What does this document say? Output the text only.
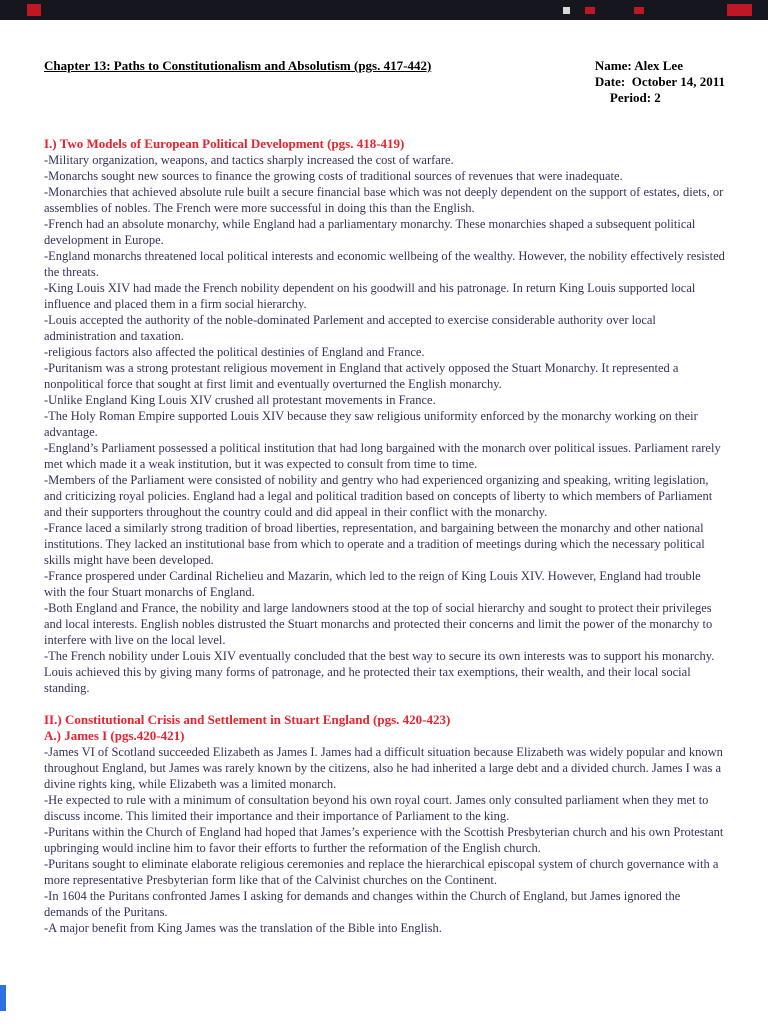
Chapter 13: Paths to Constitutionalism and Absolutism (pgs. 417-442)	Name: Alex Lee
Date:  October 14, 2011
Period: 2

I.) Two Models of European Political Development (pgs. 418-419)

-Military organization, weapons, and tactics sharply increased the cost of warfare.

-Monarchs sought new sources to finance the growing costs of traditional sources of revenues that were inadequate.

-Monarchies that achieved absolute rule built a secure financial base which was not deeply dependent on the support of estates, diets, or assemblies of nobles. The French were more successful in doing this than the English.

-French had an absolute monarchy, while England had a parliamentary monarchy. These monarchies shaped a subsequent political development in Europe.

-England monarchs threatened local political interests and economic wellbeing of the wealthy. However, the nobility effectively resisted the threats.

-King Louis XIV had made the French nobility dependent on his goodwill and his patronage. In return King Louis supported local influence and placed them in a firm social hierarchy.

-Louis accepted the authority of the noble-dominated Parlement and accepted to exercise considerable authority over local administration and taxation.

-religious factors also affected the political destinies of England and France.

-Puritanism was a strong protestant religious movement in England that actively opposed the Stuart Monarchy. It represented a nonpolitical force that sought at first limit and eventually overturned the English monarchy.

-Unlike England King Louis XIV crushed all protestant movements in France.

-The Holy Roman Empire supported Louis XIV because they saw religious uniformity enforced by the monarchy working on their advantage.

-England’s Parliament possessed a political institution that had long bargained with the monarch over political issues. Parliament rarely met which made it a weak institution, but it was expected to consult from time to time.

-Members of the Parliament were consisted of nobility and gentry who had experienced organizing and speaking, writing legislation, and criticizing royal policies. England had a legal and political tradition based on concepts of liberty to which members of Parliament and their supporters throughout the country could and did appeal in their conflict with the monarchy.

-France laced a similarly strong tradition of broad liberties, representation, and bargaining between the monarchy and other national institutions. They lacked an institutional base from which to operate and a tradition of meetings during which the necessary political skills might have been developed.

-France prospered under Cardinal Richelieu and Mazarin, which led to the reign of King Louis XIV. However, England had trouble with the four Stuart monarchs of England.

-Both England and France, the nobility and large landowners stood at the top of social hierarchy and sought to protect their privileges and local interests. English nobles distrusted the Stuart monarchs and protected their concerns and limit the power of the monarchy to interfere with live on the local level.

-The French nobility under Louis XIV eventually concluded that the best way to secure its own interests was to support his monarchy. Louis achieved this by giving many forms of patronage, and he protected their tax exemptions, their wealth, and their local social standing.

II.) Constitutional Crisis and Settlement in Stuart England (pgs. 420-423)

A.) James I (pgs.420-421)

-James VI of Scotland succeeded Elizabeth as James I. James had a difficult situation because Elizabeth was widely popular and known throughout England, but James was rarely known by the citizens, also he had inherited a large debt and a divided church. James I was a divine rights king, while Elizabeth was a limited monarch.

-He expected to rule with a minimum of consultation beyond his own royal court. James only consulted parliament when they met to discuss income. This limited their importance and their importance of Parliament to the king.

-Puritans within the Church of England had hoped that James’s experience with the Scottish Presbyterian church and his own Protestant upbringing would incline him to favor their efforts to further the reformation of the English church.

-Puritans sought to eliminate elaborate religious ceremonies and replace the hierarchical episcopal system of church governance with a more representative Presbyterian form like that of the Calvinist churches on the Continent.

-In 1604 the Puritans confronted James I asking for demands and changes within the Church of England, but James ignored the demands of the Puritans.

-A major benefit from King James was the translation of the Bible into English.
